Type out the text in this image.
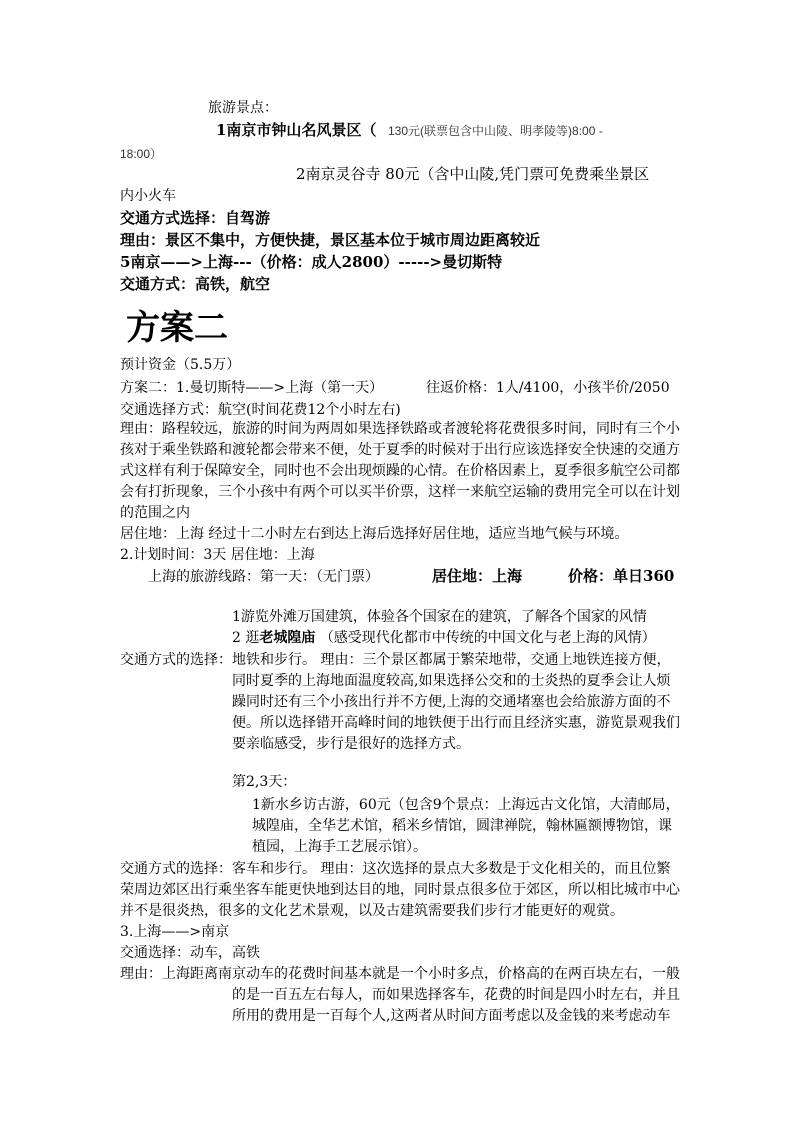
旅游景点：
1南京市钟山名风景区（ 130元(联票包含中山陵、明孝陵等)8:00 -
18:00）
2南京灵谷寺 80元（含中山陵,凭门票可免费乘坐景区
内小火车
交通方式选择：自驾游
理由：景区不集中，方便快捷，景区基本位于城市周边距离较近
5南京——>上海---（价格：成人2800）----->曼切斯特
交通方式：高铁，航空
方案二
预计资金（5.5万）
方案二：1.曼切斯特——>上海（第一天）	往返价格：1人/4100，小孩半价/2050
交通选择方式：航空(时间花费12个小时左右)
理由：路程较远，旅游的时间为两周如果选择铁路或者渡轮将花费很多时间，同时有三个小
孩对于乘坐铁路和渡轮都会带来不便，处于夏季的时候对于出行应该选择安全快速的交通方
式这样有利于保障安全，同时也不会出现烦躁的心情。在价格因素上，夏季很多航空公司都
会有打折现象，三个小孩中有两个可以买半价票，这样一来航空运输的费用完全可以在计划
的范围之内
居住地：上海 经过十二小时左右到达上海后选择好居住地，适应当地气候与环境。
2.计划时间：3天 居住地：上海
上海的旅游线路：第一天：（无门票）	居住地：上海	价格：单日360
1游览外滩万国建筑，体验各个国家在的建筑，了解各个国家的风情
2 逛老城隍庙 （感受现代化都市中传统的中国文化与老上海的风情）
交通方式的选择：地铁和步行。 理由：三个景区都属于繁荣地带，交通上地铁连接方便，
同时夏季的上海地面温度较高,如果选择公交和的士炎热的夏季会让人烦
躁同时还有三个小孩出行并不方便,上海的交通堵塞也会给旅游方面的不
便。所以选择错开高峰时间的地铁便于出行而且经济实惠，游览景观我们
要亲临感受，步行是很好的选择方式。
第2,3天：
1新水乡访古游，60元（包含9个景点：上海远古文化馆，大清邮局，
城隍庙，全华艺术馆，稻米乡情馆，圆津禅院，翰林匾额博物馆，课
植园，上海手工艺展示馆）。
交通方式的选择：客车和步行。 理由：这次选择的景点大多数是于文化相关的，而且位繁
荣周边郊区出行乘坐客车能更快地到达目的地，同时景点很多位于郊区，所以相比城市中心
并不是很炎热，很多的文化艺术景观，以及古建筑需要我们步行才能更好的观赏。
3.上海——>南京
交通选择：动车，高铁
理由：上海距离南京动车的花费时间基本就是一个小时多点，价格高的在两百块左右，一般
的是一百五左右每人，而如果选择客车，花费的时间是四小时左右，并且
所用的费用是一百每个人,这两者从时间方面考虑以及金钱的来考虑动车
